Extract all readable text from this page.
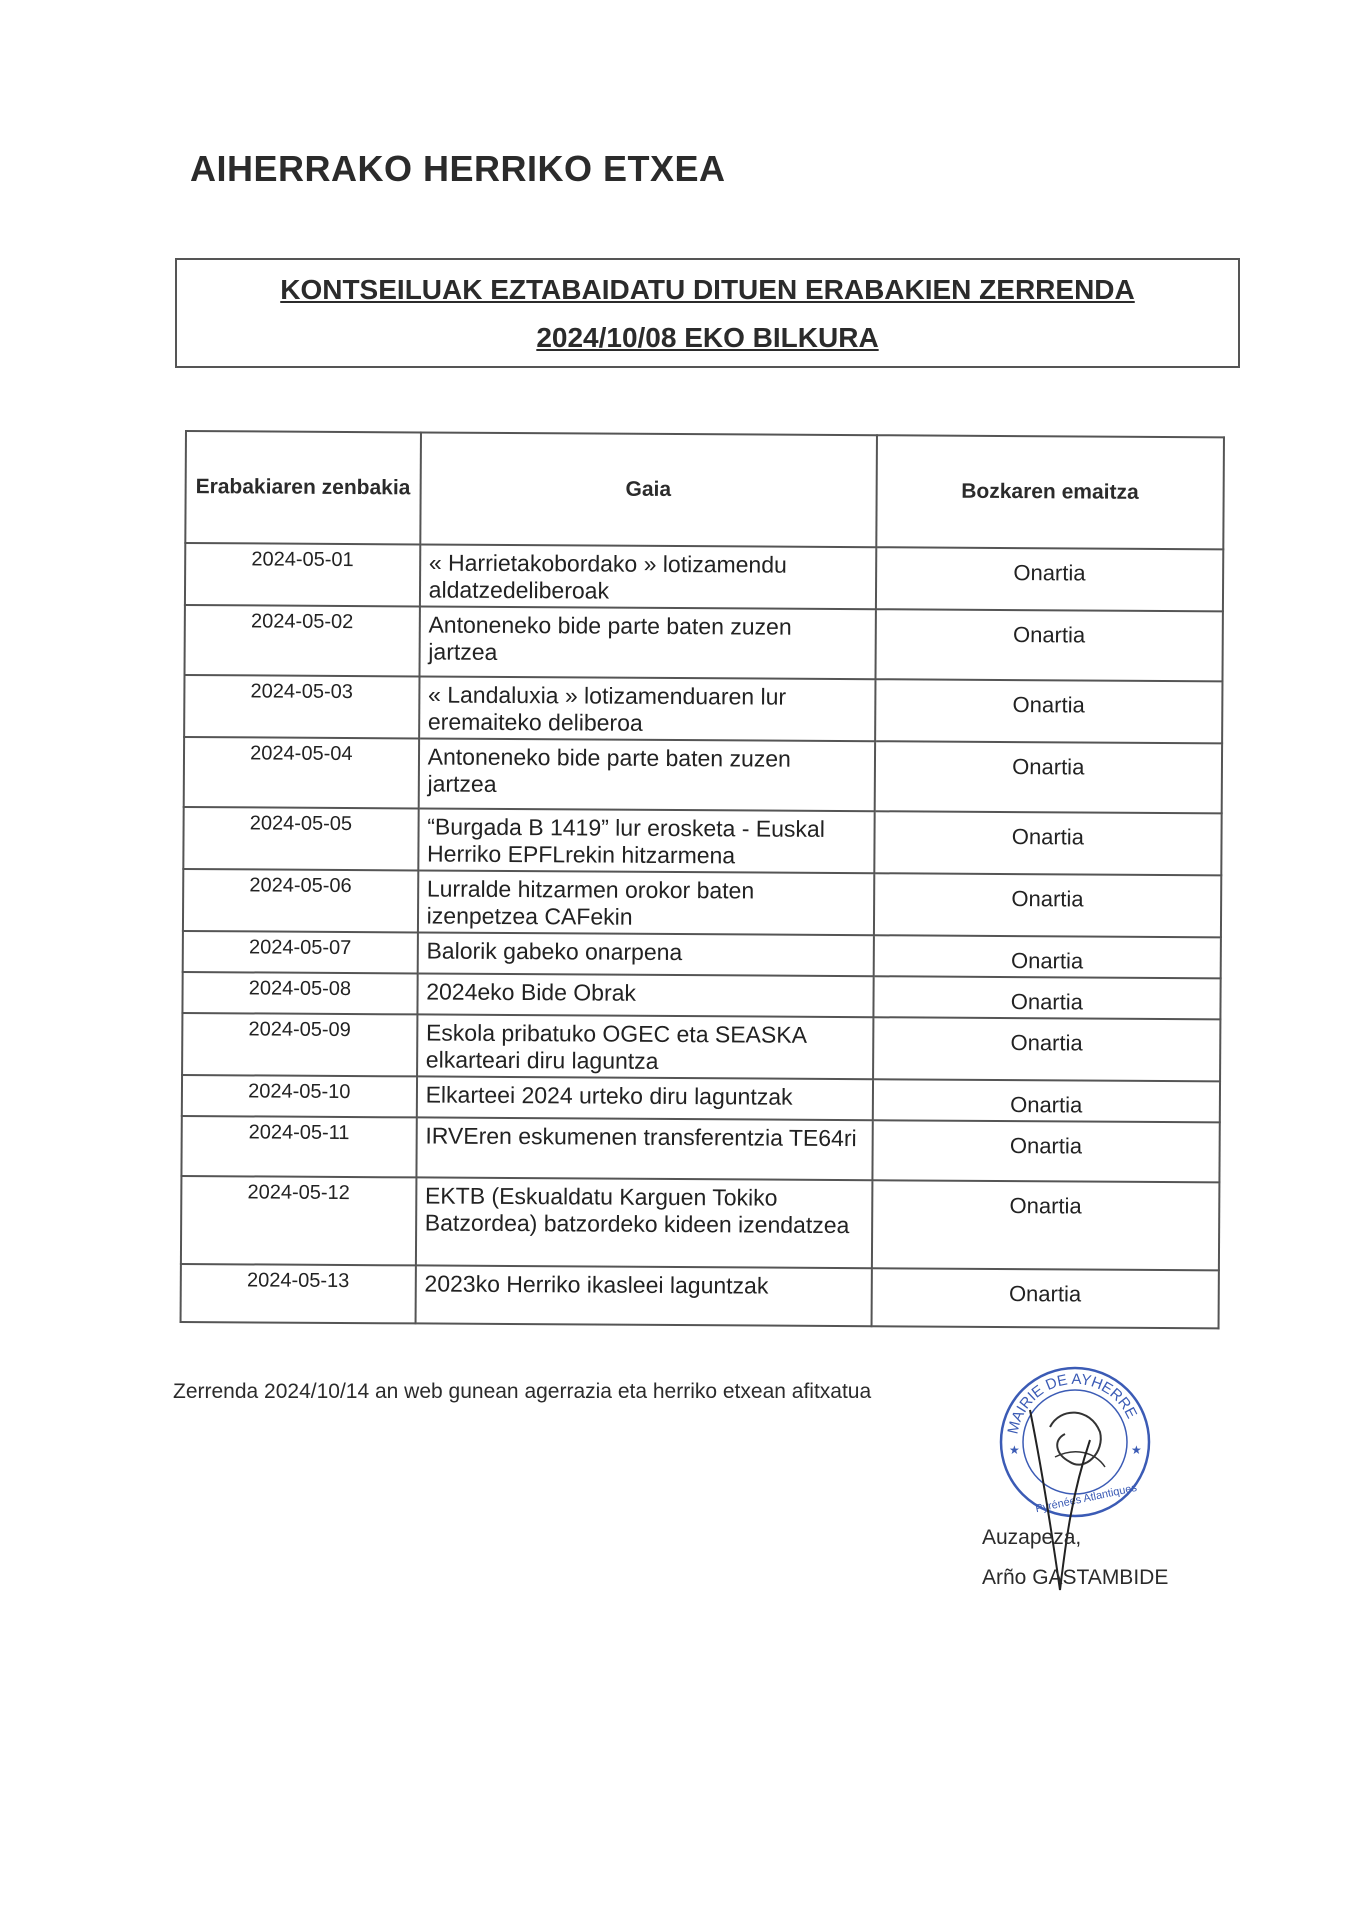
AIHERRAKO HERRIKO ETXEA
KONTSEILUAK EZTABAIDATU DITUEN ERABAKIEN ZERRENDA
2024/10/08 EKO BILKURA
Erabakiaren zenbakia	Gaia	Bozkaren emaitza
2024-05-01	« Harrietakobordako » lotizamendu aldatzedeliberoak	Onartia
2024-05-02	Antoneneko bide parte baten zuzen jartzea	Onartia
2024-05-03	« Landaluxia » lotizamenduaren lur eremaiteko deliberoa	Onartia
2024-05-04	Antoneneko bide parte baten zuzen jartzea	Onartia
2024-05-05	“Burgada B 1419” lur erosketa - Euskal Herriko EPFLrekin hitzarmena	Onartia
2024-05-06	Lurralde hitzarmen orokor baten izenpetzea CAFekin	Onartia
2024-05-07	Balorik gabeko onarpena	Onartia
2024-05-08	2024eko Bide Obrak	Onartia
2024-05-09	Eskola pribatuko OGEC eta SEASKA elkarteari diru laguntza	Onartia
2024-05-10	Elkarteei 2024 urteko diru laguntzak	Onartia
2024-05-11	IRVEren eskumenen transferentzia TE64ri	Onartia
2024-05-12	EKTB (Eskualdatu Karguen Tokiko Batzordea) batzordeko kideen izendatzea	Onartia
2024-05-13	2023ko Herriko ikasleei laguntzak	Onartia
Zerrenda 2024/10/14 an web gunean agerrazia eta herriko etxean afitxatua
MAIRIE DE AYHERRE
★	★
Pyrénées Atlantiques
Auzapeza,
Arño GASTAMBIDE
